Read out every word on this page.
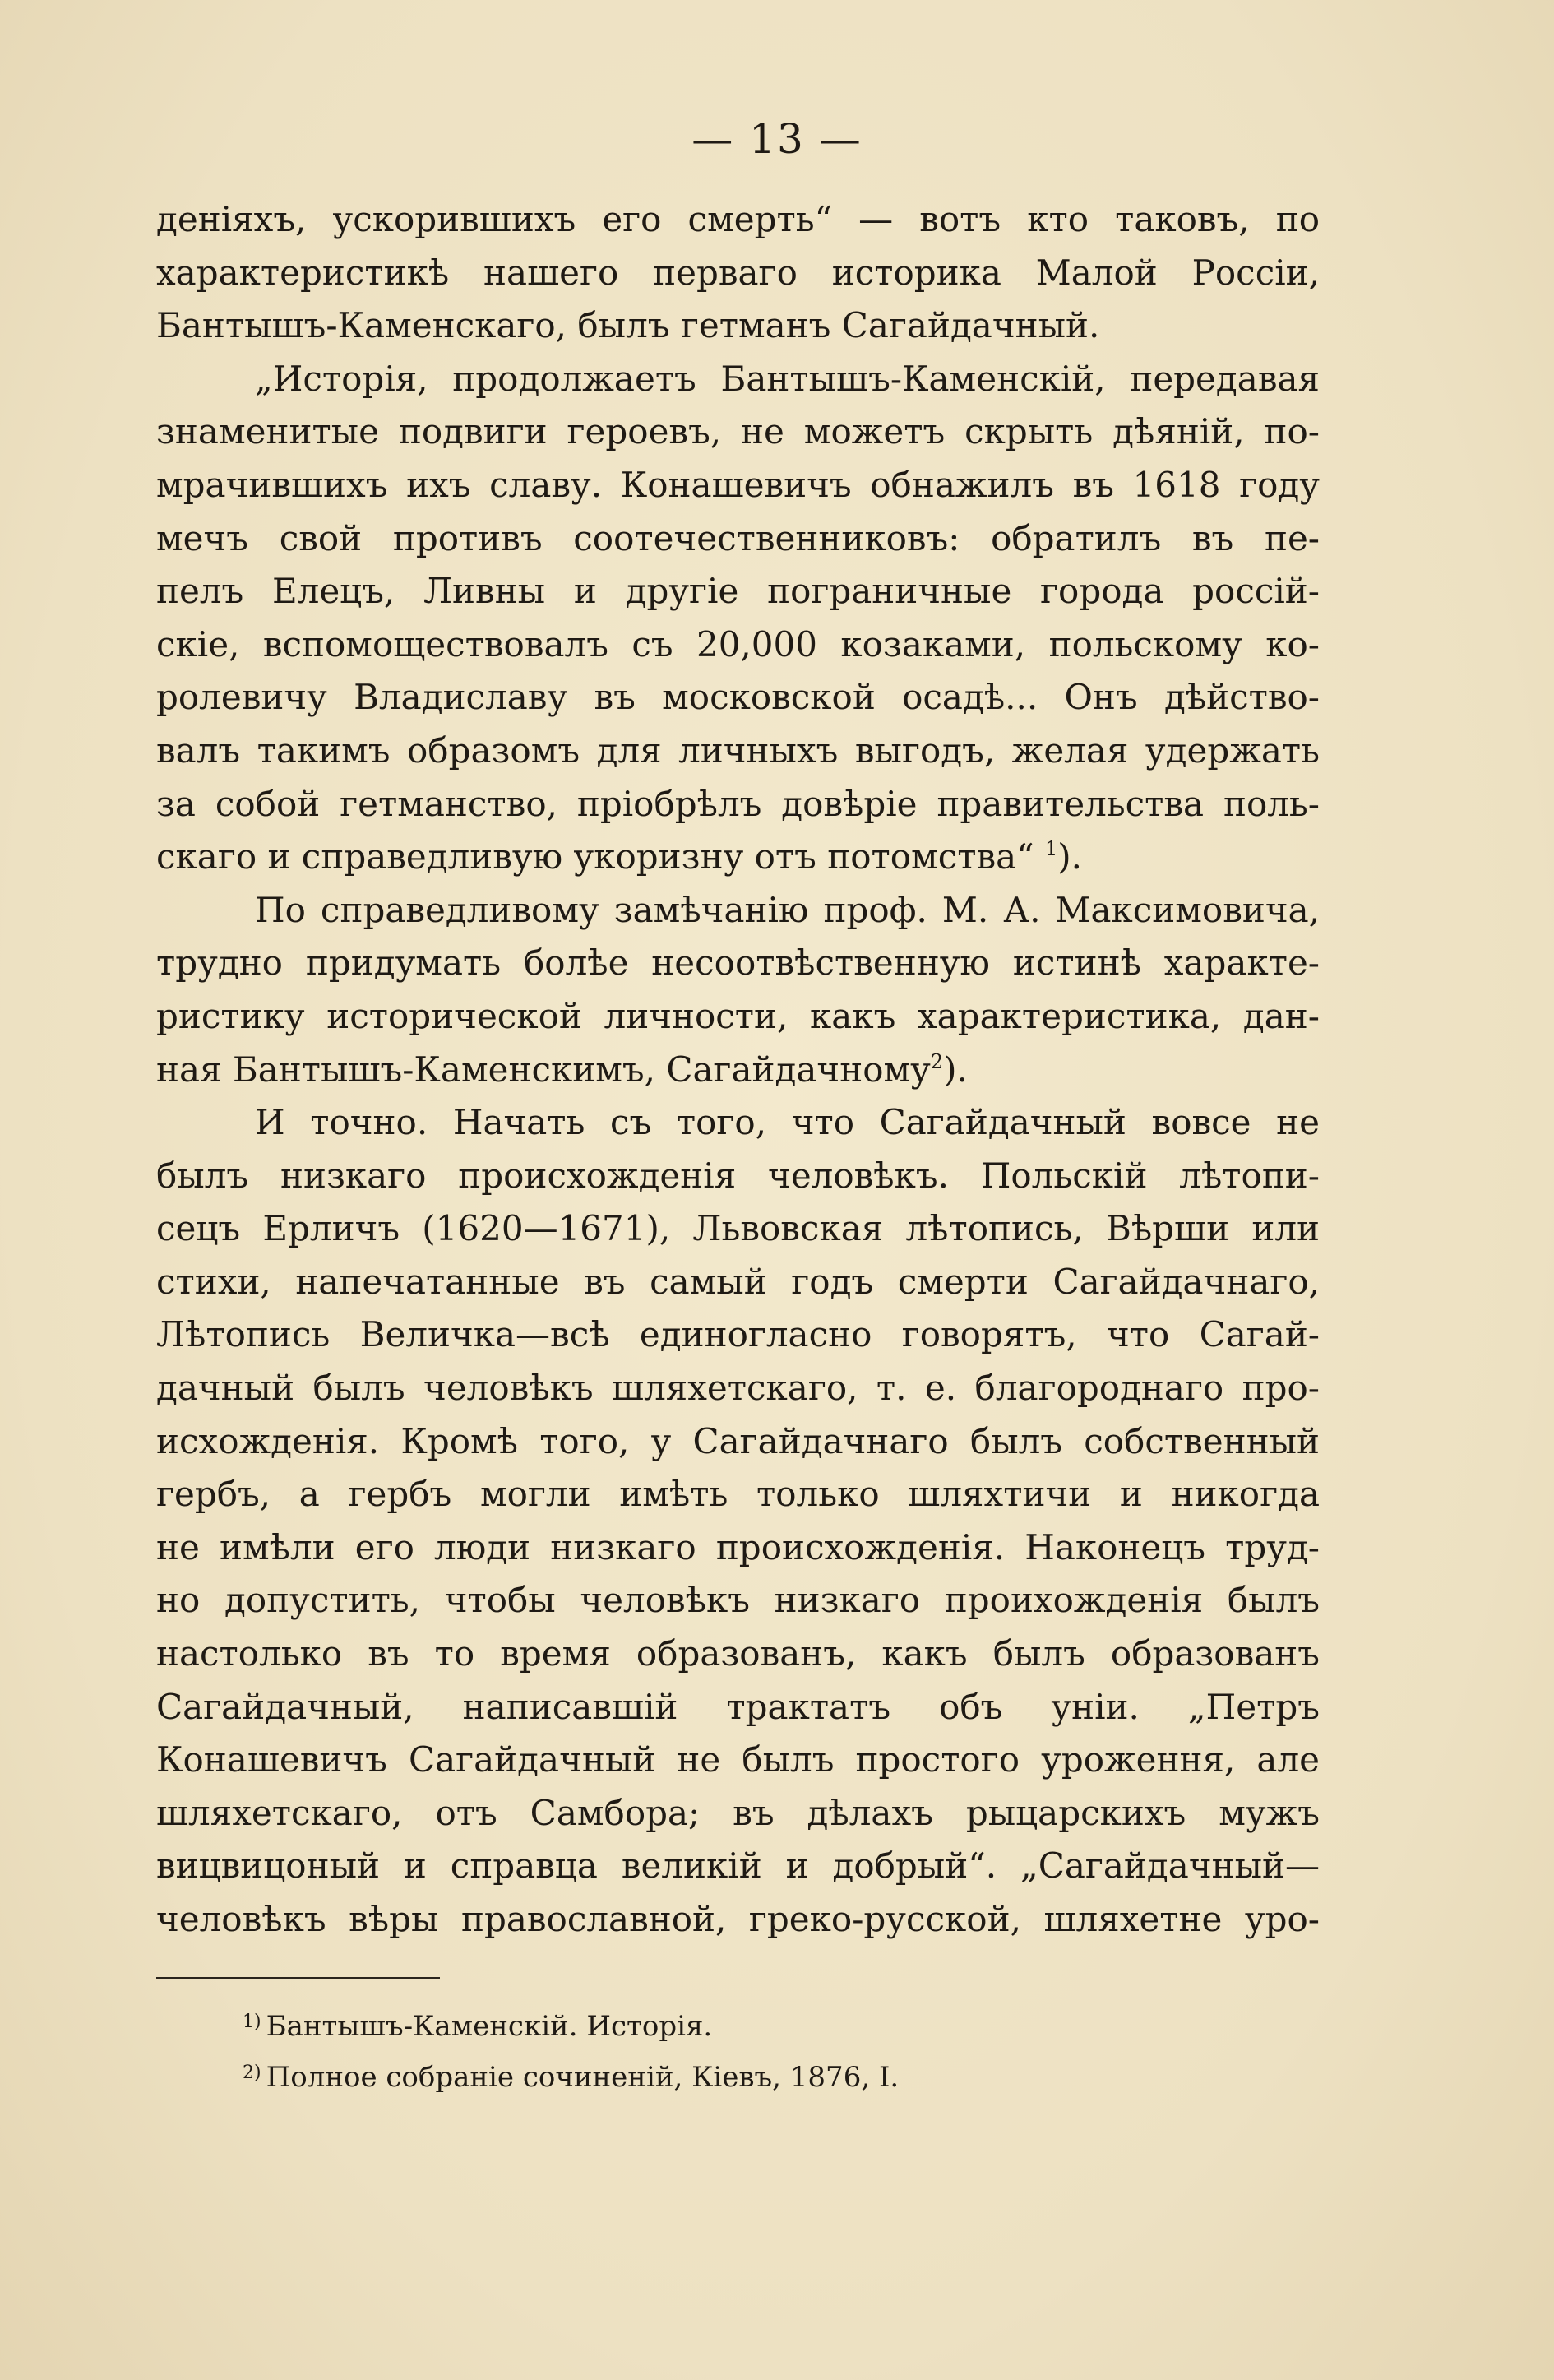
— 13 —
деніяхъ, ускорившихъ его смерть“ — вотъ кто таковъ, по
характеристикѣ нашего перваго историка Малой Россіи,
Бантышъ-Каменскаго, былъ гетманъ Сагайдачный.
„Исторія, продолжаетъ Бантышъ-Каменскій, передавая
знаменитые подвиги героевъ, не можетъ скрыть дѣяній, по-
мрачившихъ ихъ славу. Конашевичъ обнажилъ въ 1618 году
мечъ свой противъ соотечественниковъ: обратилъ въ пе-
пелъ Елецъ, Ливны и другіе пограничные города россій-
скіе, вспомоществовалъ съ 20,000 козаками, польскому ко-
ролевичу Владиславу въ московской осадѣ... Онъ дѣйство-
валъ такимъ образомъ для личныхъ выгодъ, желая удержать
за собой гетманство, пріобрѣлъ довѣріе правительства поль-
скаго и справедливую укоризну отъ потомства“ $^1$).
По справедливому замѣчанію проф. М. А. Максимовича,
трудно придумать болѣе несоотвѣственную истинѣ характе-
ристику исторической личности, какъ характеристика, дан-
ная Бантышъ-Каменскимъ, Сагайдачному$^2$).
И точно. Начать съ того, что Сагайдачный вовсе не
былъ низкаго происхожденія человѣкъ. Польскій лѣтопи-
сецъ Ерличъ (1620—1671), Львовская лѣтопись, Вѣрши или
стихи, напечатанные въ самый годъ смерти Сагайдачнаго,
Лѣтопись Величка—всѣ единогласно говорятъ, что Сагай-
дачный былъ человѣкъ шляхетскаго, т. е. благороднаго про-
исхожденія. Кромѣ того, у Сагайдачнаго былъ собственный
гербъ, а гербъ могли имѣть только шляхтичи и никогда
не имѣли его люди низкаго происхожденія. Наконецъ труд-
но допустить, чтобы человѣкъ низкаго проихожденія былъ
настолько въ то время образованъ, какъ былъ образованъ
Сагайдачный, написавшій трактатъ объ уніи. „Петръ
Конашевичъ Сагайдачный не былъ простого уроження, але
шляхетскаго, отъ Самбора; въ дѣлахъ рыцарскихъ мужъ
вицвицоный и справца великій и добрый“. „Сагайдачный—
человѣкъ вѣры православной, греко-русской, шляхетне уро-
$^{1)}$ Бантышъ-Каменскій. Исторія.
$^{2)}$ Полное собраніе сочиненій, Кіевъ, 1876, I.
